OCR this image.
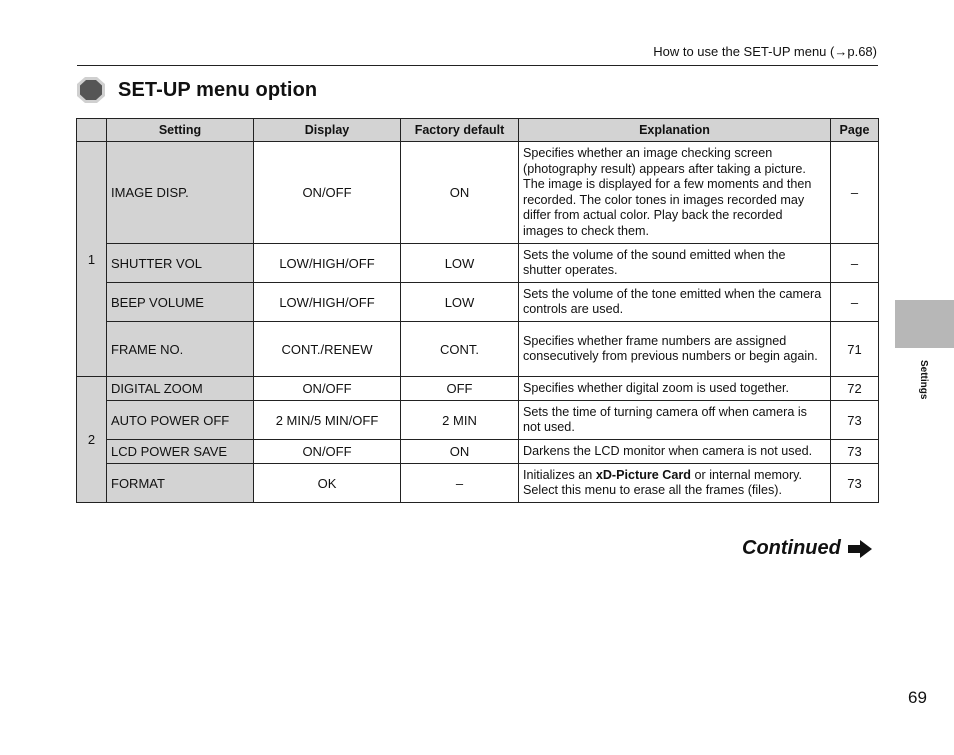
How to use the SET-UP menu (→p.68)
SET-UP menu option
	Setting	Display	Factory default	Explanation	Page
1	IMAGE DISP.	ON/OFF	ON	Specifies whether an image checking screen (photography result) appears after taking a picture. The image is displayed for a few moments and then recorded. The color tones in images recorded may differ from actual color. Play back the recorded images to check them.	–
	SHUTTER VOL	LOW/HIGH/OFF	LOW	Sets the volume of the sound emitted when the shutter operates.	–
	BEEP VOLUME	LOW/HIGH/OFF	LOW	Sets the volume of the tone emitted when the camera controls are used.	–
	FRAME NO.	CONT./RENEW	CONT.	Specifies whether frame numbers are assigned consecutively from previous numbers or begin again.	71
2	DIGITAL ZOOM	ON/OFF	OFF	Specifies whether digital zoom is used together.	72
	AUTO POWER OFF	2 MIN/5 MIN/OFF	2 MIN	Sets the time of turning camera off when camera is not used.	73
	LCD POWER SAVE	ON/OFF	ON	Darkens the LCD monitor when camera is not used.	73
	FORMAT	OK	–	Initializes an xD-Picture Card or internal memory. Select this menu to erase all the frames (files).	73
Continued
Settings
69
